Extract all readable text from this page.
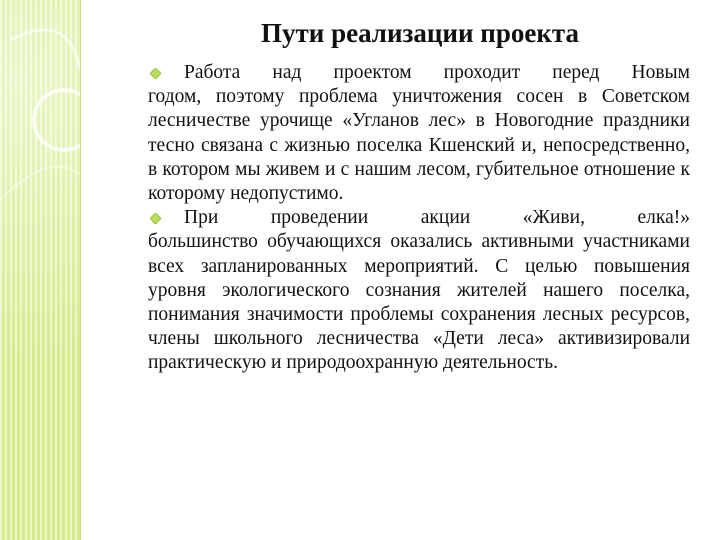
Пути реализации проекта
Работа над проектом проходит перед Новым
годом, поэтому проблема уничтожения сосен в Советском лесничестве урочище «Угланов лес» в Новогодние праздники тесно связана с жизнью поселка Кшенский и, непосредственно, в котором мы живем и с нашим лесом, губительное отношение к которому недопустимо.
При проведении акции «Живи, елка!»
большинство обучающихся оказались активными участниками всех запланированных мероприятий. С целью повышения уровня экологического сознания жителей нашего поселка, понимания значимости проблемы сохранения лесных ресурсов, члены школьного лесничества «Дети леса» активизировали практическую и природоохранную деятельность.
